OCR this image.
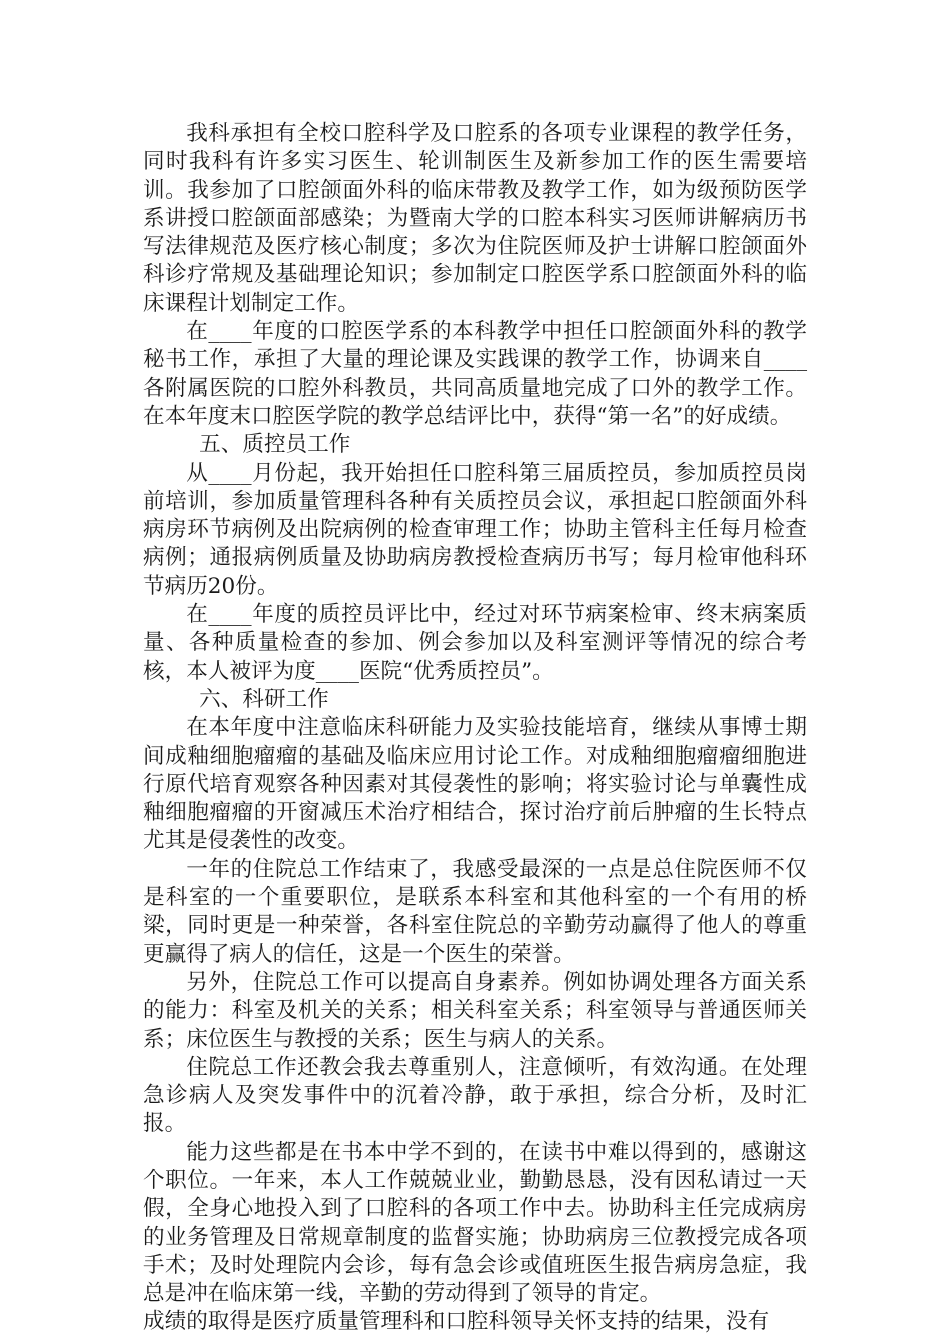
我科承担有全校口腔科学及口腔系的各项专业课程的教学任务，同时我科有许多实习医生、轮训制医生及新参加工作的医生需要培训。我参加了口腔颌面外科的临床带教及教学工作，如为级预防医学系讲授口腔颌面部感染；为暨南大学的口腔本科实习医师讲解病历书写法律规范及医疗核心制度；多次为住院医师及护士讲解口腔颌面外科诊疗常规及基础理论知识；参加制定口腔医学系口腔颌面外科的临床课程计划制定工作。

在____年度的口腔医学系的本科教学中担任口腔颌面外科的教学秘书工作，承担了大量的理论课及实践课的教学工作，协调来自____各附属医院的口腔外科教员，共同高质量地完成了口外的教学工作。在本年度末口腔医学院的教学总结评比中，获得“第一名”的好成绩。

五、质控员工作

从____月份起，我开始担任口腔科第三届质控员，参加质控员岗前培训，参加质量管理科各种有关质控员会议，承担起口腔颌面外科病房环节病例及出院病例的检查审理工作；协助主管科主任每月检查病例；通报病例质量及协助病房教授检查病历书写；每月检审他科环节病历20份。

在____年度的质控员评比中，经过对环节病案检审、终末病案质量、各种质量检查的参加、例会参加以及科室测评等情况的综合考核，本人被评为度____医院“优秀质控员”。

六、科研工作

在本年度中注意临床科研能力及实验技能培育，继续从事博士期间成釉细胞瘤瘤的基础及临床应用讨论工作。对成釉细胞瘤瘤细胞进行原代培育观察各种因素对其侵袭性的影响；将实验讨论与单囊性成釉细胞瘤瘤的开窗减压术治疗相结合，探讨治疗前后肿瘤的生长特点尤其是侵袭性的改变。

一年的住院总工作结束了，我感受最深的一点是总住院医师不仅是科室的一个重要职位，是联系本科室和其他科室的一个有用的桥梁，同时更是一种荣誉，各科室住院总的辛勤劳动赢得了他人的尊重更赢得了病人的信任，这是一个医生的荣誉。

另外，住院总工作可以提高自身素养。例如协调处理各方面关系的能力：科室及机关的关系；相关科室关系；科室领导与普通医师关系；床位医生与教授的关系；医生与病人的关系。

住院总工作还教会我去尊重别人，注意倾听，有效沟通。在处理急诊病人及突发事件中的沉着冷静，敢于承担，综合分析，及时汇报。

能力这些都是在书本中学不到的，在读书中难以得到的，感谢这个职位。一年来，本人工作兢兢业业，勤勤恳恳，没有因私请过一天假，全身心地投入到了口腔科的各项工作中去。协助科主任完成病房的业务管理及日常规章制度的监督实施；协助病房三位教授完成各项手术；及时处理院内会诊，每有急会诊或值班医生报告病房急症，我总是冲在临床第一线，辛勤的劳动得到了领导的肯定。

成绩的取得是医疗质量管理科和口腔科领导关怀支持的结果，没有
